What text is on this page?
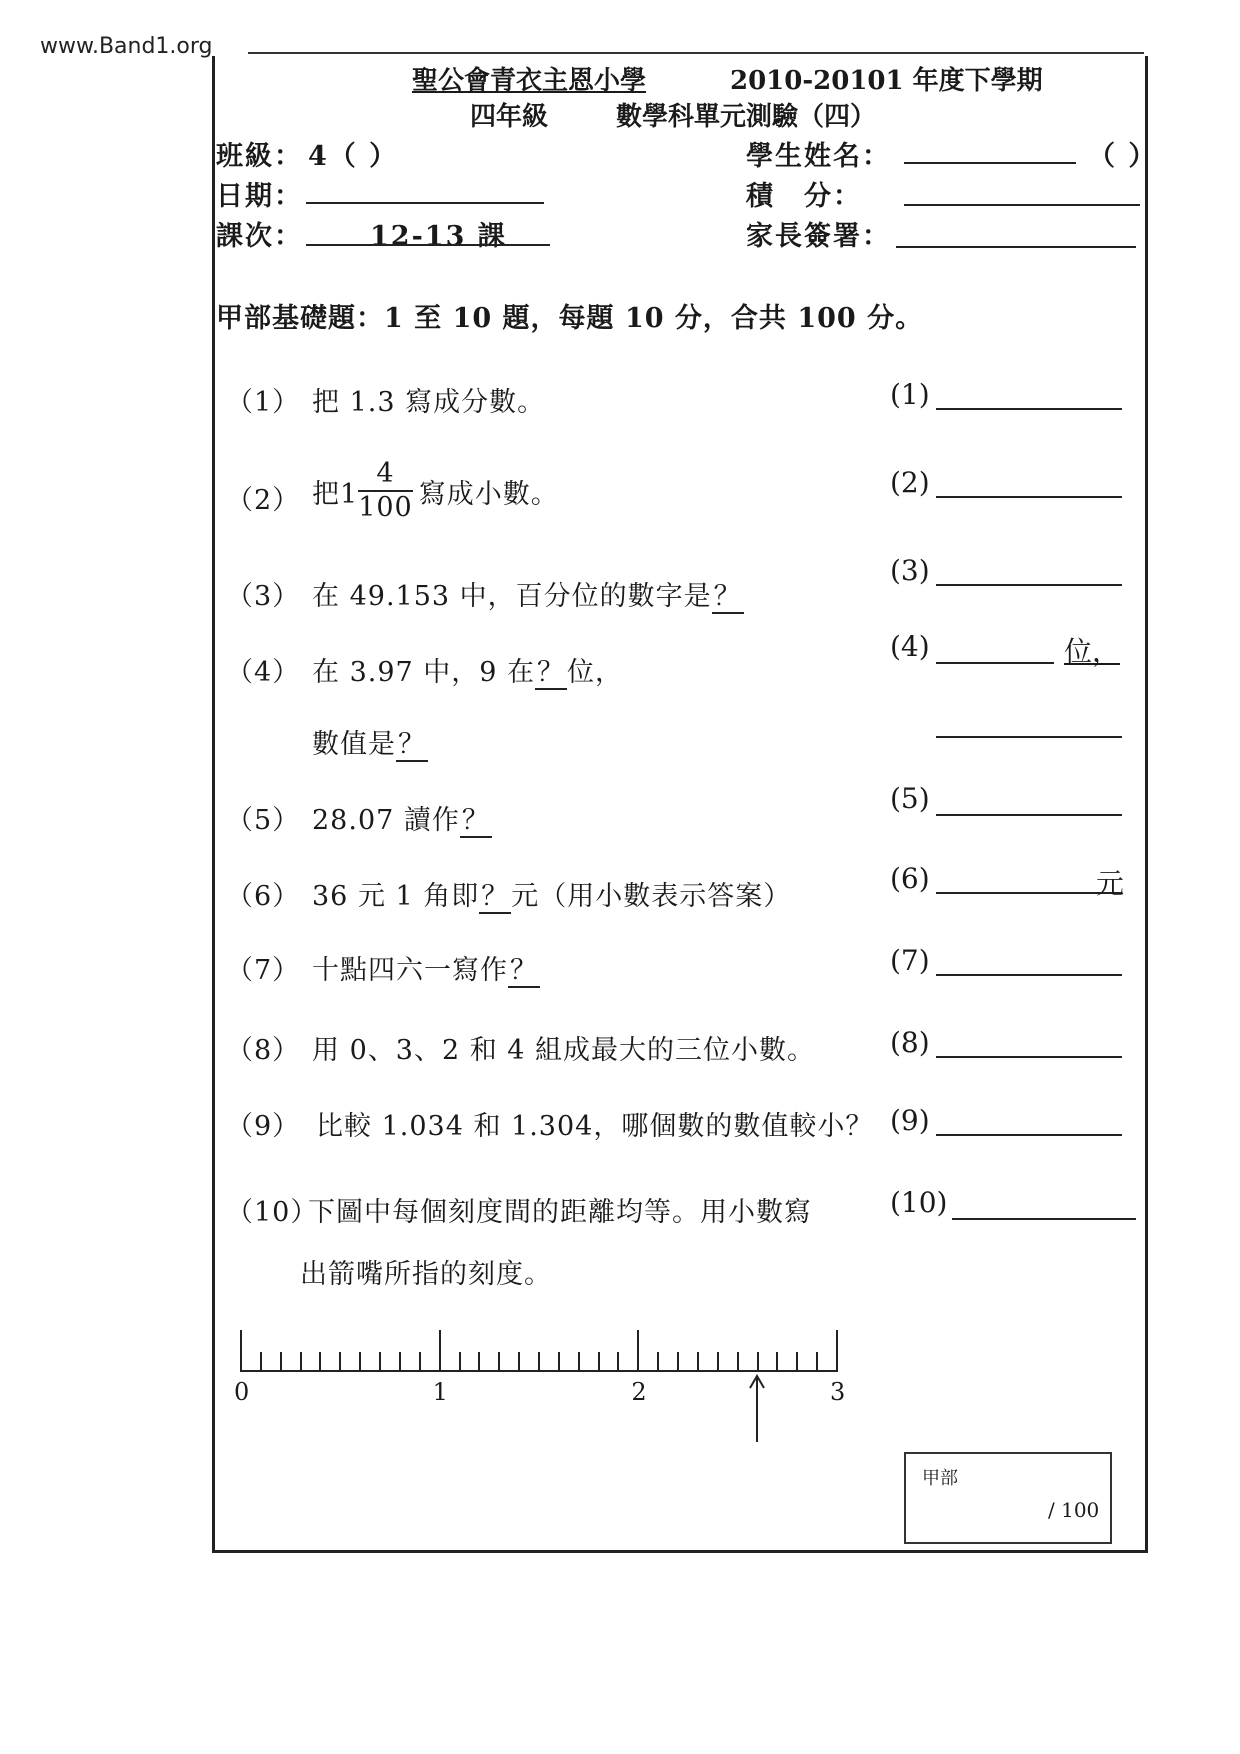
www.Band1.org
聖公會青衣主恩小學	2010-20101 年度下學期
四年級	數學科單元測驗（四）
班級： 4（ ）	學生姓名：	（ ）
日期：	積　分：
課次： 12-13 課	家長簽署：
甲部基礎題：1 至 10 題，每題 10 分，合共 100 分。
（1） 把 1.3 寫成分數。	(1)
（2） 把$1 \frac{4}{100}$ 寫成小數。	(2)
（3） 在 49.153 中，百分位的數字是？
(3)
（4） 在 3.97 中，9 在？位，
數值是？
(4)	位，
（5） 28.07 讀作？
(5)
（6） 36 元 1 角即？元（用小數表示答案）
(6)	元
（7） 十點四六一寫作？	(7)
（8） 用 0、3、2 和 4 組成最大的三位小數。	(8)
（9） 比較 1.034 和 1.304，哪個數的數值較小？ (9)
（10）
下圖中每個刻度間的距離均等。用小數寫
出箭嘴所指的刻度。
(10)
0	1	2	3
甲部
/ 100
